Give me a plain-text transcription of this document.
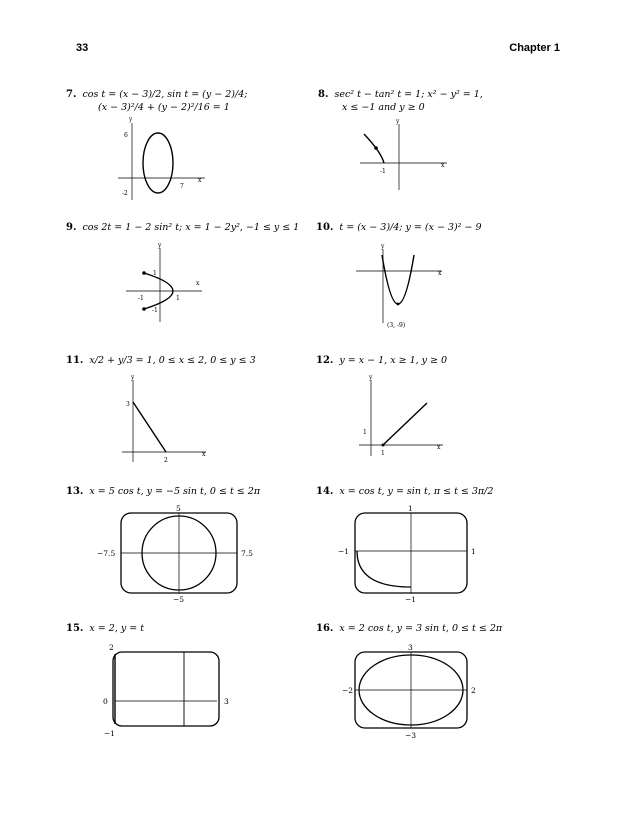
33	Chapter 1
7. cos t = (x − 3)/2, sin t = (y − 2)/4;
(x − 3)²/4 + (y − 2)²/16 = 1
y
x
6
-2
7
8. sec² t − tan² t = 1; x² − y² = 1,
x ≤ −1 and y ≥ 0
y
x
-1
9. cos 2t = 1 − 2 sin² t; x = 1 − 2y², −1 ≤ y ≤ 1
y
x
1
-1
-1	1
10. t = (x − 3)/4; y = (x − 3)² − 9
y
x
(3, -9)
11. x/2 + y/3 = 1, 0 ≤ x ≤ 2, 0 ≤ y ≤ 3
y
x
3
2
12. y = x − 1, x ≥ 1, y ≥ 0
y
x
1
1
13. x = 5 cos t, y = −5 sin t, 0 ≤ t ≤ 2π
5
−5
−7.5	7.5
14. x = cos t, y = sin t, π ≤ t ≤ 3π/2
1
−1
−1	1
15. x = 2, y = t
2
−1
0	3
16. x = 2 cos t, y = 3 sin t, 0 ≤ t ≤ 2π
3
−3
−2	2
